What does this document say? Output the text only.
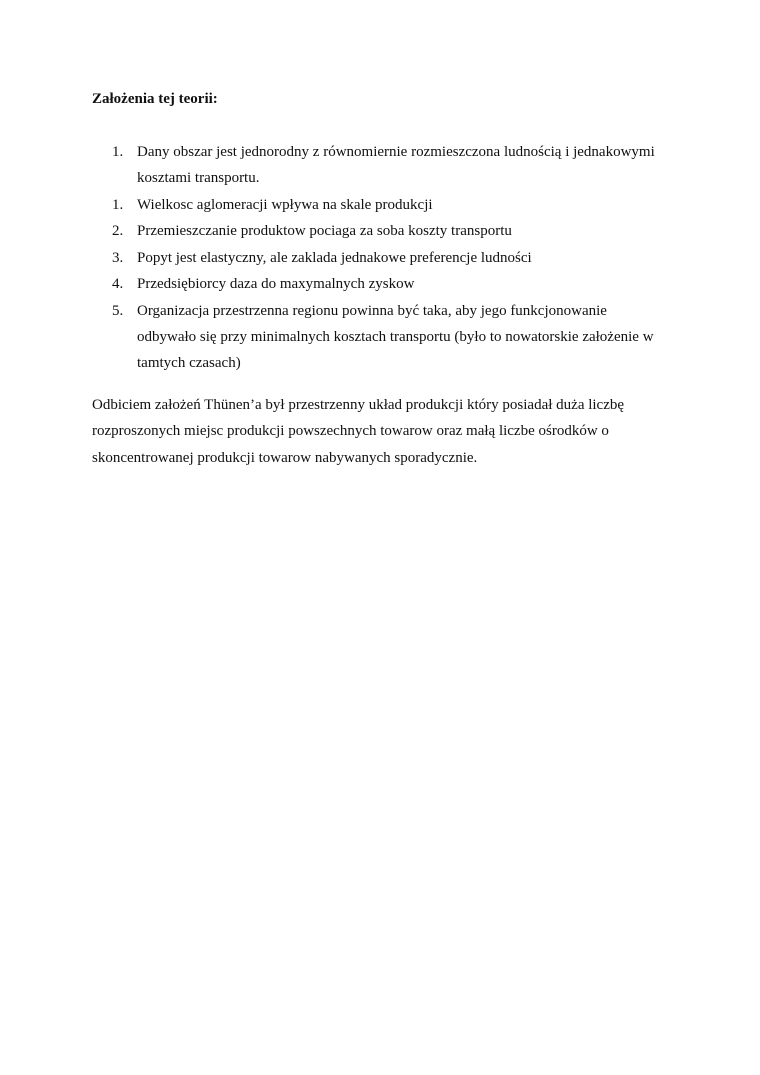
Założenia tej teorii:
1. Dany obszar jest jednorodny z równomiernie rozmieszczona ludnością i jednakowymi
kosztami transportu.
1. Wielkosc aglomeracji wpływa na skale produkcji
2. Przemieszczanie produktow pociaga za soba koszty transportu
3. Popyt jest elastyczny, ale zaklada jednakowe preferencje ludności
4. Przedsiębiorcy daza do maxymalnych zyskow
5. Organizacja przestrzenna regionu powinna być taka, aby jego funkcjonowanie
odbywało się przy minimalnych kosztach transportu (było to nowatorskie założenie w
tamtych czasach)
Odbiciem założeń Thünen’a był przestrzenny układ produkcji który posiadał duża liczbę
rozproszonych miejsc produkcji powszechnych towarow oraz małą liczbe ośrodków o
skoncentrowanej produkcji towarow nabywanych sporadycznie.
